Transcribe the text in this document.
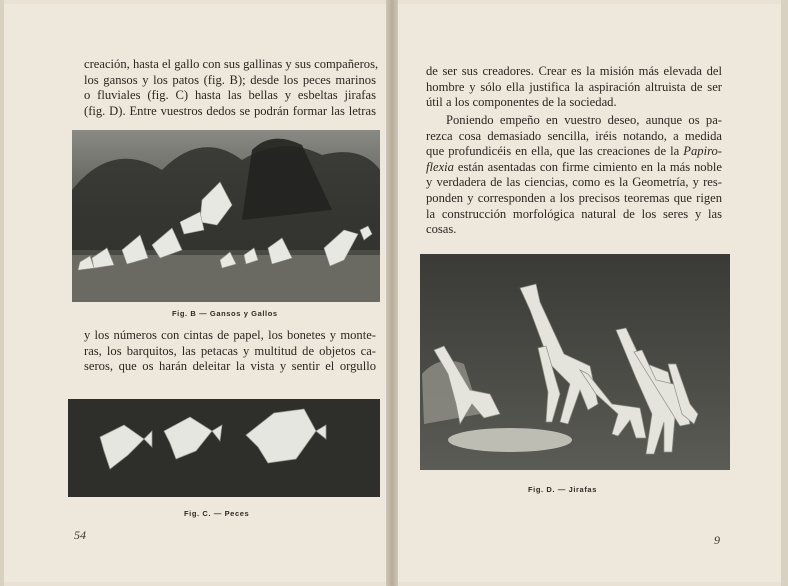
creación, hasta el gallo con sus gallinas y sus compañeros,
los gansos y los patos (fig. B); desde los peces marinos
o fluviales (fig. C) hasta las bellas y esbeltas jirafas
(fig. D). Entre vuestros dedos se podrán formar las letras
Fig. B — Gansos y Gallos
y los números con cintas de papel, los bonetes y monte-
ras, los barquitos, las petacas y multitud de objetos ca-
seros, que os harán deleitar la vista y sentir el orgullo
Fig. C. — Peces
54
de ser sus creadores. Crear es la misión más elevada del
hombre y sólo ella justifica la aspiración altruista de ser
útil a los componentes de la sociedad.
Poniendo empeño en vuestro deseo, aunque os pa-
rezca cosa demasiado sencilla, iréis notando, a medida
que profundicéis en ella, que las creaciones de la Papiro-
flexia están asentadas con firme cimiento en la más noble
y verdadera de las ciencias, como es la Geometría, y res-
ponden y corresponden a los precisos teoremas que rigen
la construcción morfológica natural de los seres y las
cosas.
Fig. D. — Jirafas
9
